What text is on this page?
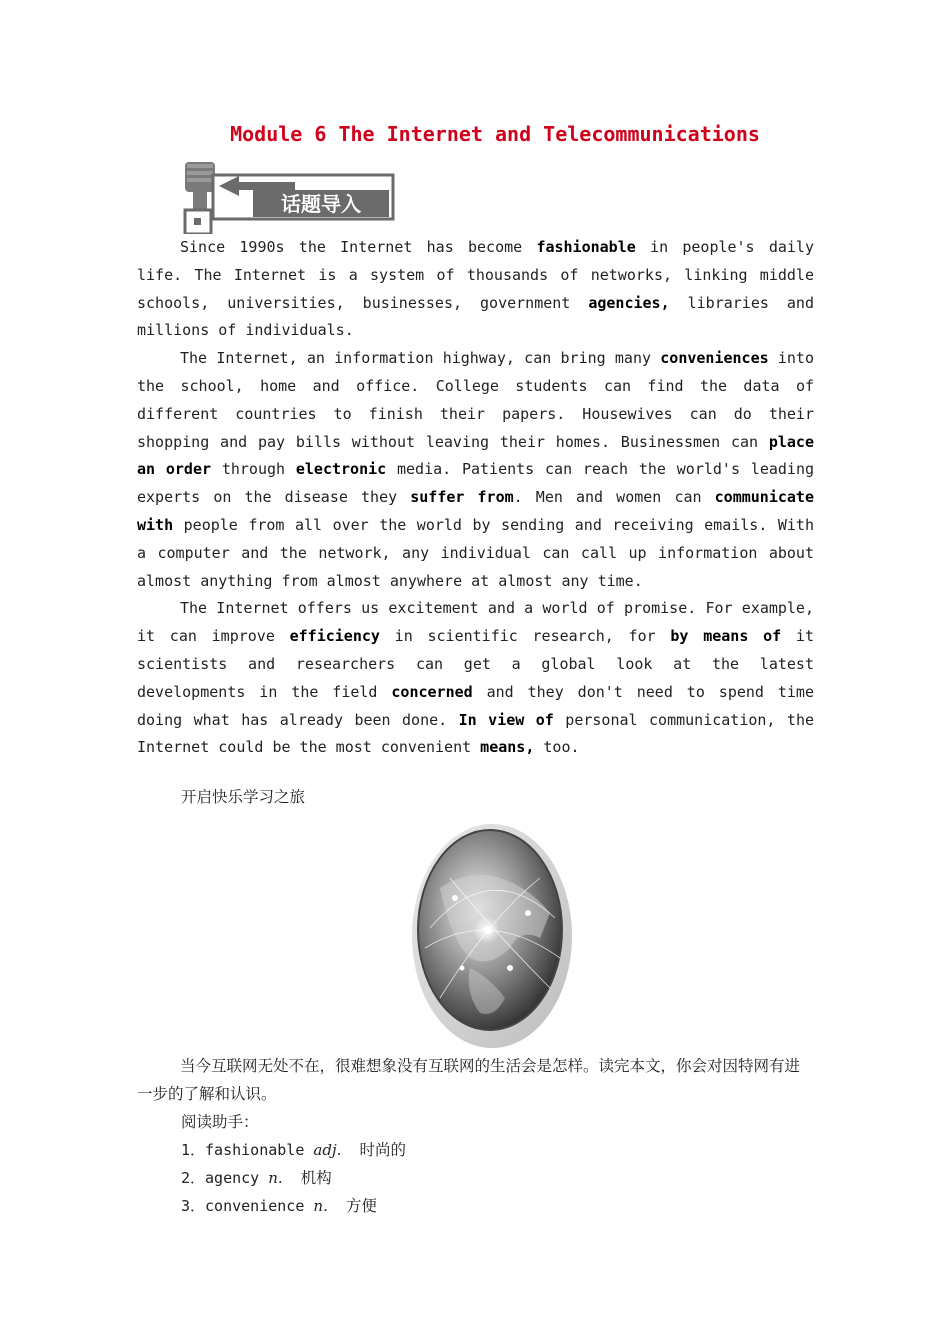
Module 6 The Internet and Telecommunications
话题导入

Since 1990s the Internet has become fashionable in people's daily life. The Internet is a system of thousands of networks, linking middle schools, universities, businesses, government agencies, libraries and millions of individuals.

The Internet, an information highway, can bring many conveniences into the school, home and office. College students can find the data of different countries to finish their papers. Housewives can do their shopping and pay bills without leaving their homes. Businessmen can place an order through electronic media. Patients can reach the world's leading experts on the disease they suffer from. Men and women can communicate with people from all over the world by sending and receiving emails. With a computer and the network, any individual can call up information about almost anything from almost anywhere at almost any time.

The Internet offers us excitement and a world of promise. For example, it can improve efficiency in scientific research, for by means of it scientists and researchers can get a global look at the latest developments in the field concerned and they don't need to spend time doing what has already been done. In view of personal communication, the Internet could be the most convenient means, too.

开启快乐学习之旅

当今互联网无处不在，很难想象没有互联网的生活会是怎样。读完本文，你会对因特网有进一步的了解和认识。

阅读助手：
1．fashionable adj. 时尚的
2．agency n. 机构
3．convenience n. 方便
